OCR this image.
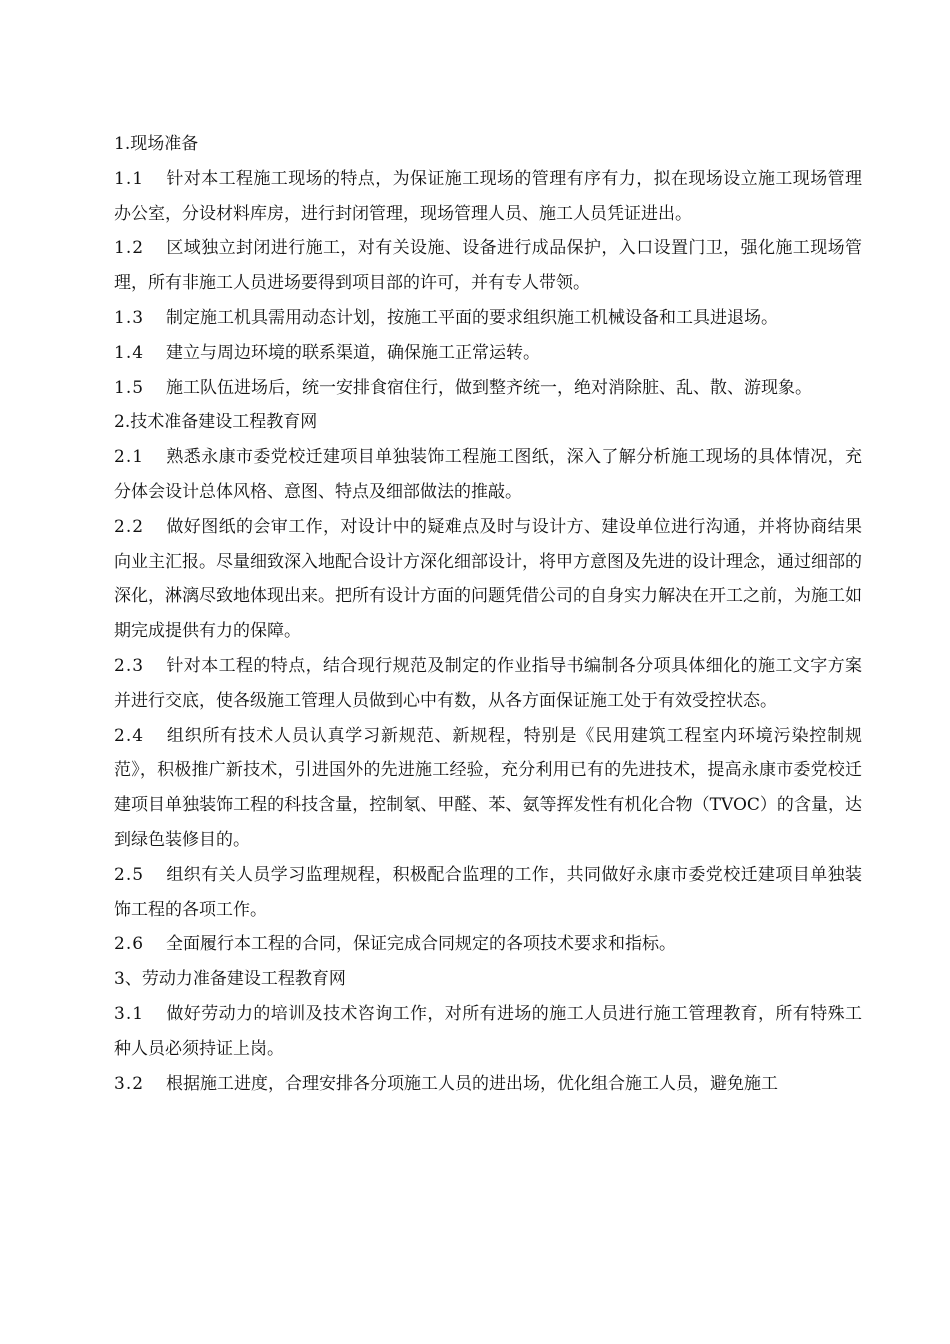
1.现场准备

1.1 针对本工程施工现场的特点，为保证施工现场的管理有序有力，拟在现场设立施工现场管理办公室，分设材料库房，进行封闭管理，现场管理人员、施工人员凭证进出。

1.2 区域独立封闭进行施工，对有关设施、设备进行成品保护，入口设置门卫，强化施工现场管理，所有非施工人员进场要得到项目部的许可，并有专人带领。

1.3 制定施工机具需用动态计划，按施工平面的要求组织施工机械设备和工具进退场。

1.4 建立与周边环境的联系渠道，确保施工正常运转。

1.5 施工队伍进场后，统一安排食宿住行，做到整齐统一，绝对消除脏、乱、散、游现象。

2.技术准备建设工程教育网

2.1 熟悉永康市委党校迁建项目单独装饰工程施工图纸，深入了解分析施工现场的具体情况，充分体会设计总体风格、意图、特点及细部做法的推敲。

2.2 做好图纸的会审工作，对设计中的疑难点及时与设计方、建设单位进行沟通，并将协商结果向业主汇报。尽量细致深入地配合设计方深化细部设计，将甲方意图及先进的设计理念，通过细部的深化，淋漓尽致地体现出来。把所有设计方面的问题凭借公司的自身实力解决在开工之前，为施工如期完成提供有力的保障。

2.3 针对本工程的特点，结合现行规范及制定的作业指导书编制各分项具体细化的施工文字方案并进行交底，使各级施工管理人员做到心中有数，从各方面保证施工处于有效受控状态。

2.4 组织所有技术人员认真学习新规范、新规程，特别是《民用建筑工程室内环境污染控制规范》，积极推广新技术，引进国外的先进施工经验，充分利用已有的先进技术，提高永康市委党校迁建项目单独装饰工程的科技含量，控制氡、甲醛、苯、氨等挥发性有机化合物（TVOC）的含量，达到绿色装修目的。

2.5 组织有关人员学习监理规程，积极配合监理的工作，共同做好永康市委党校迁建项目单独装饰工程的各项工作。

2.6 全面履行本工程的合同，保证完成合同规定的各项技术要求和指标。

3、劳动力准备建设工程教育网

3.1 做好劳动力的培训及技术咨询工作，对所有进场的施工人员进行施工管理教育，所有特殊工种人员必须持证上岗。

3.2 根据施工进度，合理安排各分项施工人员的进出场，优化组合施工人员，避免施工
